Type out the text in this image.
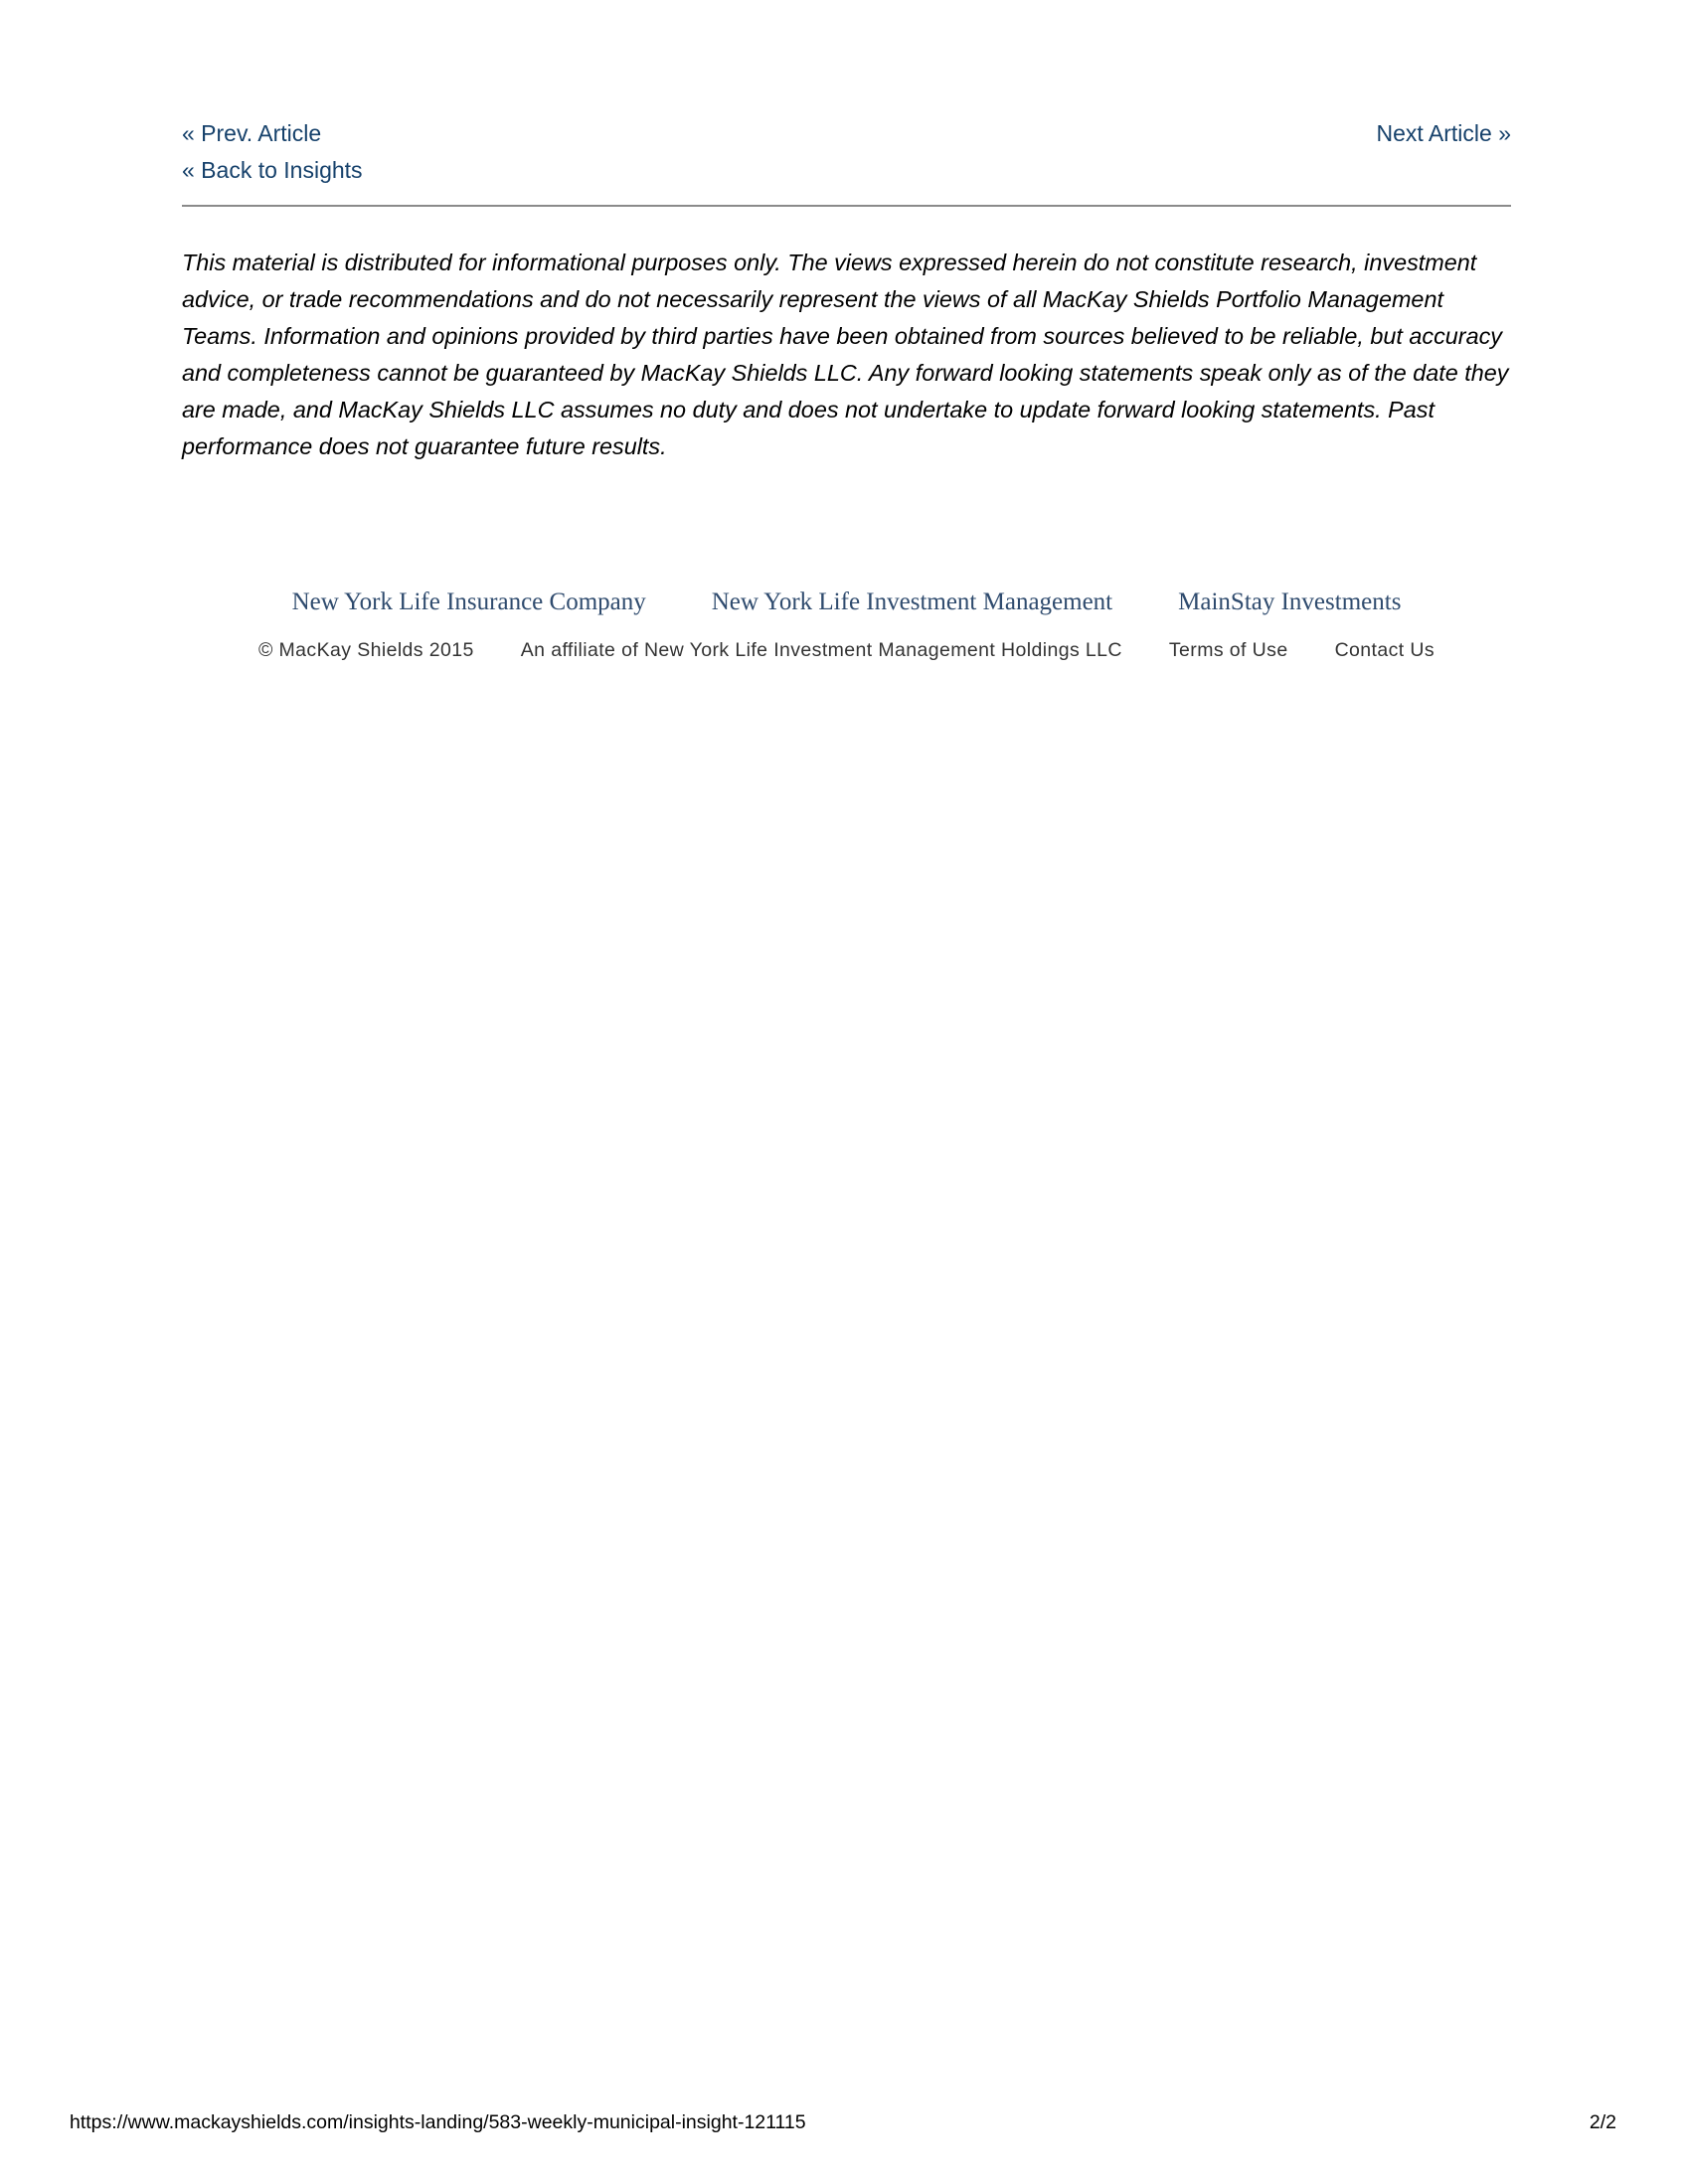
« Prev. Article	Next Article »
« Back to Insights

This material is distributed for informational purposes only. The views expressed herein do not constitute research, investment advice, or trade recommendations and do not necessarily represent the views of all MacKay Shields Portfolio Management Teams. Information and opinions provided by third parties have been obtained from sources believed to be reliable, but accuracy and completeness cannot be guaranteed by MacKay Shields LLC. Any forward looking statements speak only as of the date they are made, and MacKay Shields LLC assumes no duty and does not undertake to update forward looking statements. Past performance does not guarantee future results.

New York Life Insurance Company	New York Life Investment Management	MainStay Investments
© MacKay Shields 2015 An affiliate of New York Life Investment Management Holdings LLC Terms of Use Contact Us
https://www.mackayshields.com/insights-landing/583-weekly-municipal-insight-121115	2/2
